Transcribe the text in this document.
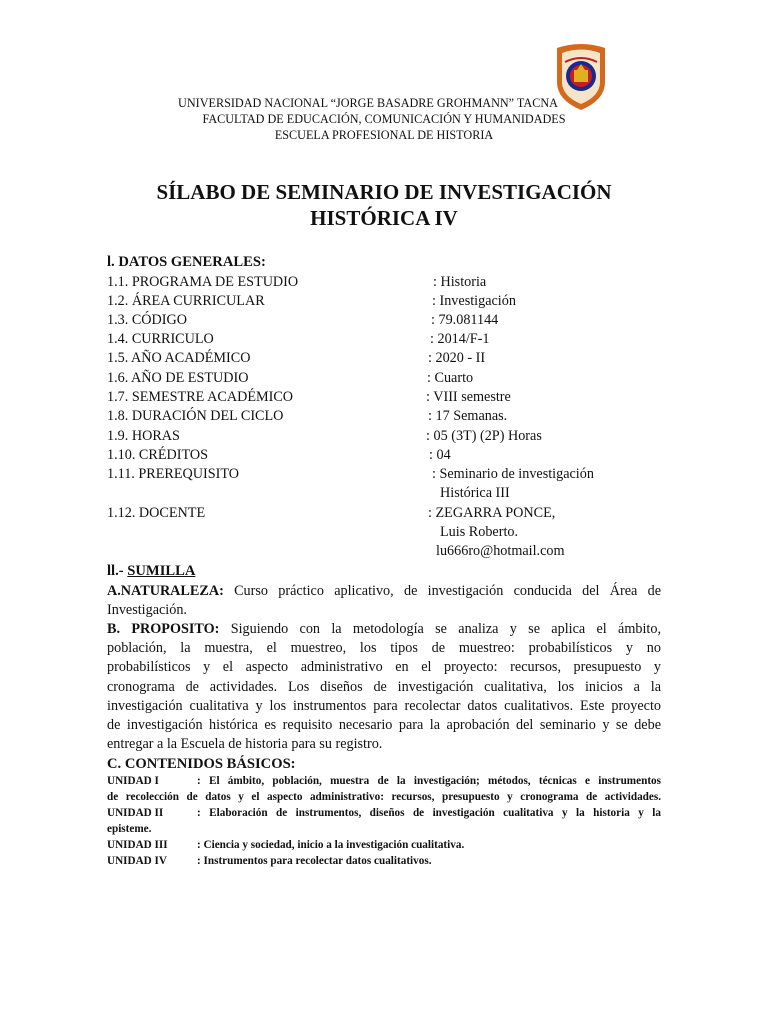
UNIVERSIDAD NACIONAL “JORGE BASADRE GROHMANN” TACNA
FACULTAD DE EDUCACIÓN, COMUNICACIÓN Y HUMANIDADES
ESCUELA PROFESIONAL DE HISTORIA
SÍLABO DE SEMINARIO DE INVESTIGACIÓN
HISTÓRICA IV
l. DATOS GENERALES:
1.1. PROGRAMA DE ESTUDIO	: Historia
1.2. ÁREA CURRICULAR	: Investigación
1.3. CÓDIGO	: 79.081144
1.4. CURRICULO	: 2014/F-1
1.5. AÑO ACADÉMICO	: 2020 - II
1.6. AÑO DE ESTUDIO	: Cuarto
1.7. SEMESTRE ACADÉMICO	: VIII semestre
1.8. DURACIÓN DEL CICLO	: 17 Semanas.
1.9. HORAS	: 05 (3T) (2P) Horas
1.10. CRÉDITOS	: 04
1.11. PREREQUISITO	: Seminario de investigación
Histórica III
1.12. DOCENTE	: ZEGARRA PONCE,
Luis Roberto.
lu666ro@hotmail.com
ll.- SUMILLA
A.NATURALEZA: Curso práctico aplicativo, de investigación conducida del Área de
Investigación.
B. PROPOSITO: Siguiendo con la metodología se analiza y se aplica el ámbito,
población, la muestra, el muestreo, los tipos de muestreo: probabilísticos y no
probabilísticos y el aspecto administrativo en el proyecto: recursos, presupuesto y
cronograma de actividades. Los diseños de investigación cualitativa, los inicios a la
investigación cualitativa y los instrumentos para recolectar datos cualitativos. Este proyecto
de investigación histórica es requisito necesario para la aprobación del seminario y se debe
entregar a la Escuela de historia para su registro.
C. CONTENIDOS BÁSICOS:
UNIDAD I	: El ámbito, población, muestra de la investigación; métodos, técnicas e instrumentos
de recolección de datos y el aspecto administrativo: recursos, presupuesto y cronograma de actividades.
UNIDAD II	: Elaboración de instrumentos, diseños de investigación cualitativa y la historia y la
episteme.
UNIDAD III	: Ciencia y sociedad, inicio a la investigación cualitativa.
UNIDAD IV	: Instrumentos para recolectar datos cualitativos.
